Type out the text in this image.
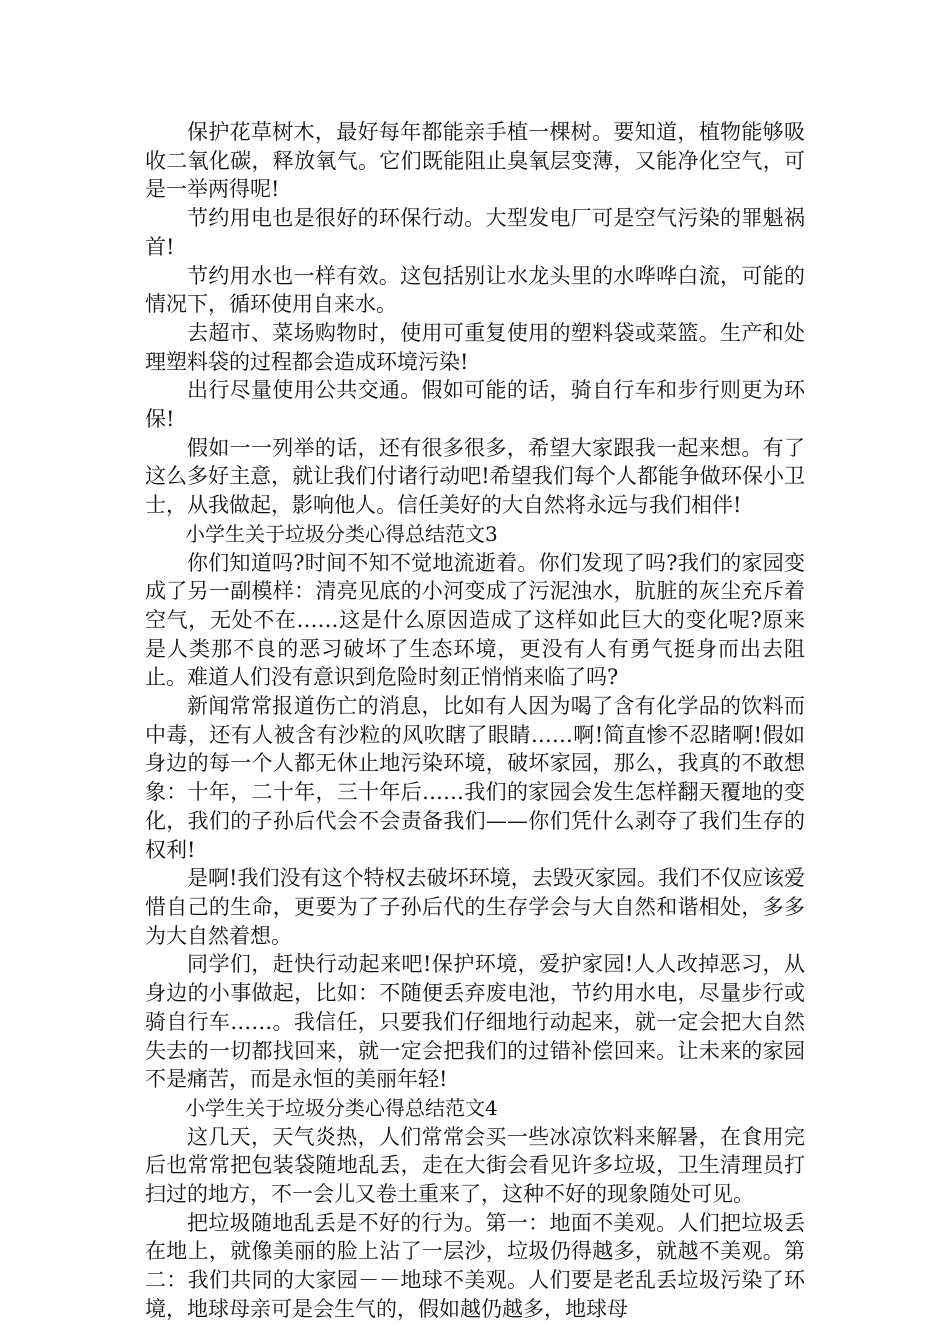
保护花草树木，最好每年都能亲手植一棵树。要知道，植物能够吸收二氧化碳，释放氧气。它们既能阻止臭氧层变薄，又能净化空气，可是一举两得呢!

节约用电也是很好的环保行动。大型发电厂可是空气污染的罪魁祸首!

节约用水也一样有效。这包括别让水龙头里的水哗哗白流，可能的情况下，循环使用自来水。

去超市、菜场购物时，使用可重复使用的塑料袋或菜篮。生产和处理塑料袋的过程都会造成环境污染!

出行尽量使用公共交通。假如可能的话，骑自行车和步行则更为环保!

假如一一列举的话，还有很多很多，希望大家跟我一起来想。有了这么多好主意，就让我们付诸行动吧!希望我们每个人都能争做环保小卫士，从我做起，影响他人。信任美好的大自然将永远与我们相伴!

小学生关于垃圾分类心得总结范文3

你们知道吗?时间不知不觉地流逝着。你们发现了吗?我们的家园变成了另一副模样：清亮见底的小河变成了污泥浊水，肮脏的灰尘充斥着空气，无处不在……这是什么原因造成了这样如此巨大的变化呢?原来是人类那不良的恶习破坏了生态环境，更没有人有勇气挺身而出去阻止。难道人们没有意识到危险时刻正悄悄来临了吗?

新闻常常报道伤亡的消息，比如有人因为喝了含有化学品的饮料而中毒，还有人被含有沙粒的风吹瞎了眼睛……啊!简直惨不忍睹啊!假如身边的每一个人都无休止地污染环境，破坏家园，那么，我真的不敢想象：十年，二十年，三十年后……我们的家园会发生怎样翻天覆地的变化，我们的子孙后代会不会责备我们——你们凭什么剥夺了我们生存的权利!

是啊!我们没有这个特权去破坏环境，去毁灭家园。我们不仅应该爱惜自己的生命，更要为了子孙后代的生存学会与大自然和谐相处，多多为大自然着想。

同学们，赶快行动起来吧!保护环境，爱护家园!人人改掉恶习，从身边的小事做起，比如：不随便丢弃废电池，节约用水电，尽量步行或骑自行车……。我信任，只要我们仔细地行动起来，就一定会把大自然失去的一切都找回来，就一定会把我们的过错补偿回来。让未来的家园不是痛苦，而是永恒的美丽年轻!

小学生关于垃圾分类心得总结范文4

这几天，天气炎热，人们常常会买一些冰凉饮料来解暑，在食用完后也常常把包装袋随地乱丢，走在大街会看见许多垃圾，卫生清理员打扫过的地方，不一会儿又卷土重来了，这种不好的现象随处可见。

把垃圾随地乱丢是不好的行为。第一：地面不美观。人们把垃圾丢在地上，就像美丽的脸上沾了一层沙，垃圾仍得越多，就越不美观。第二：我们共同的大家园－－地球不美观。人们要是老乱丢垃圾污染了环境，地球母亲可是会生气的，假如越仍越多，地球母
